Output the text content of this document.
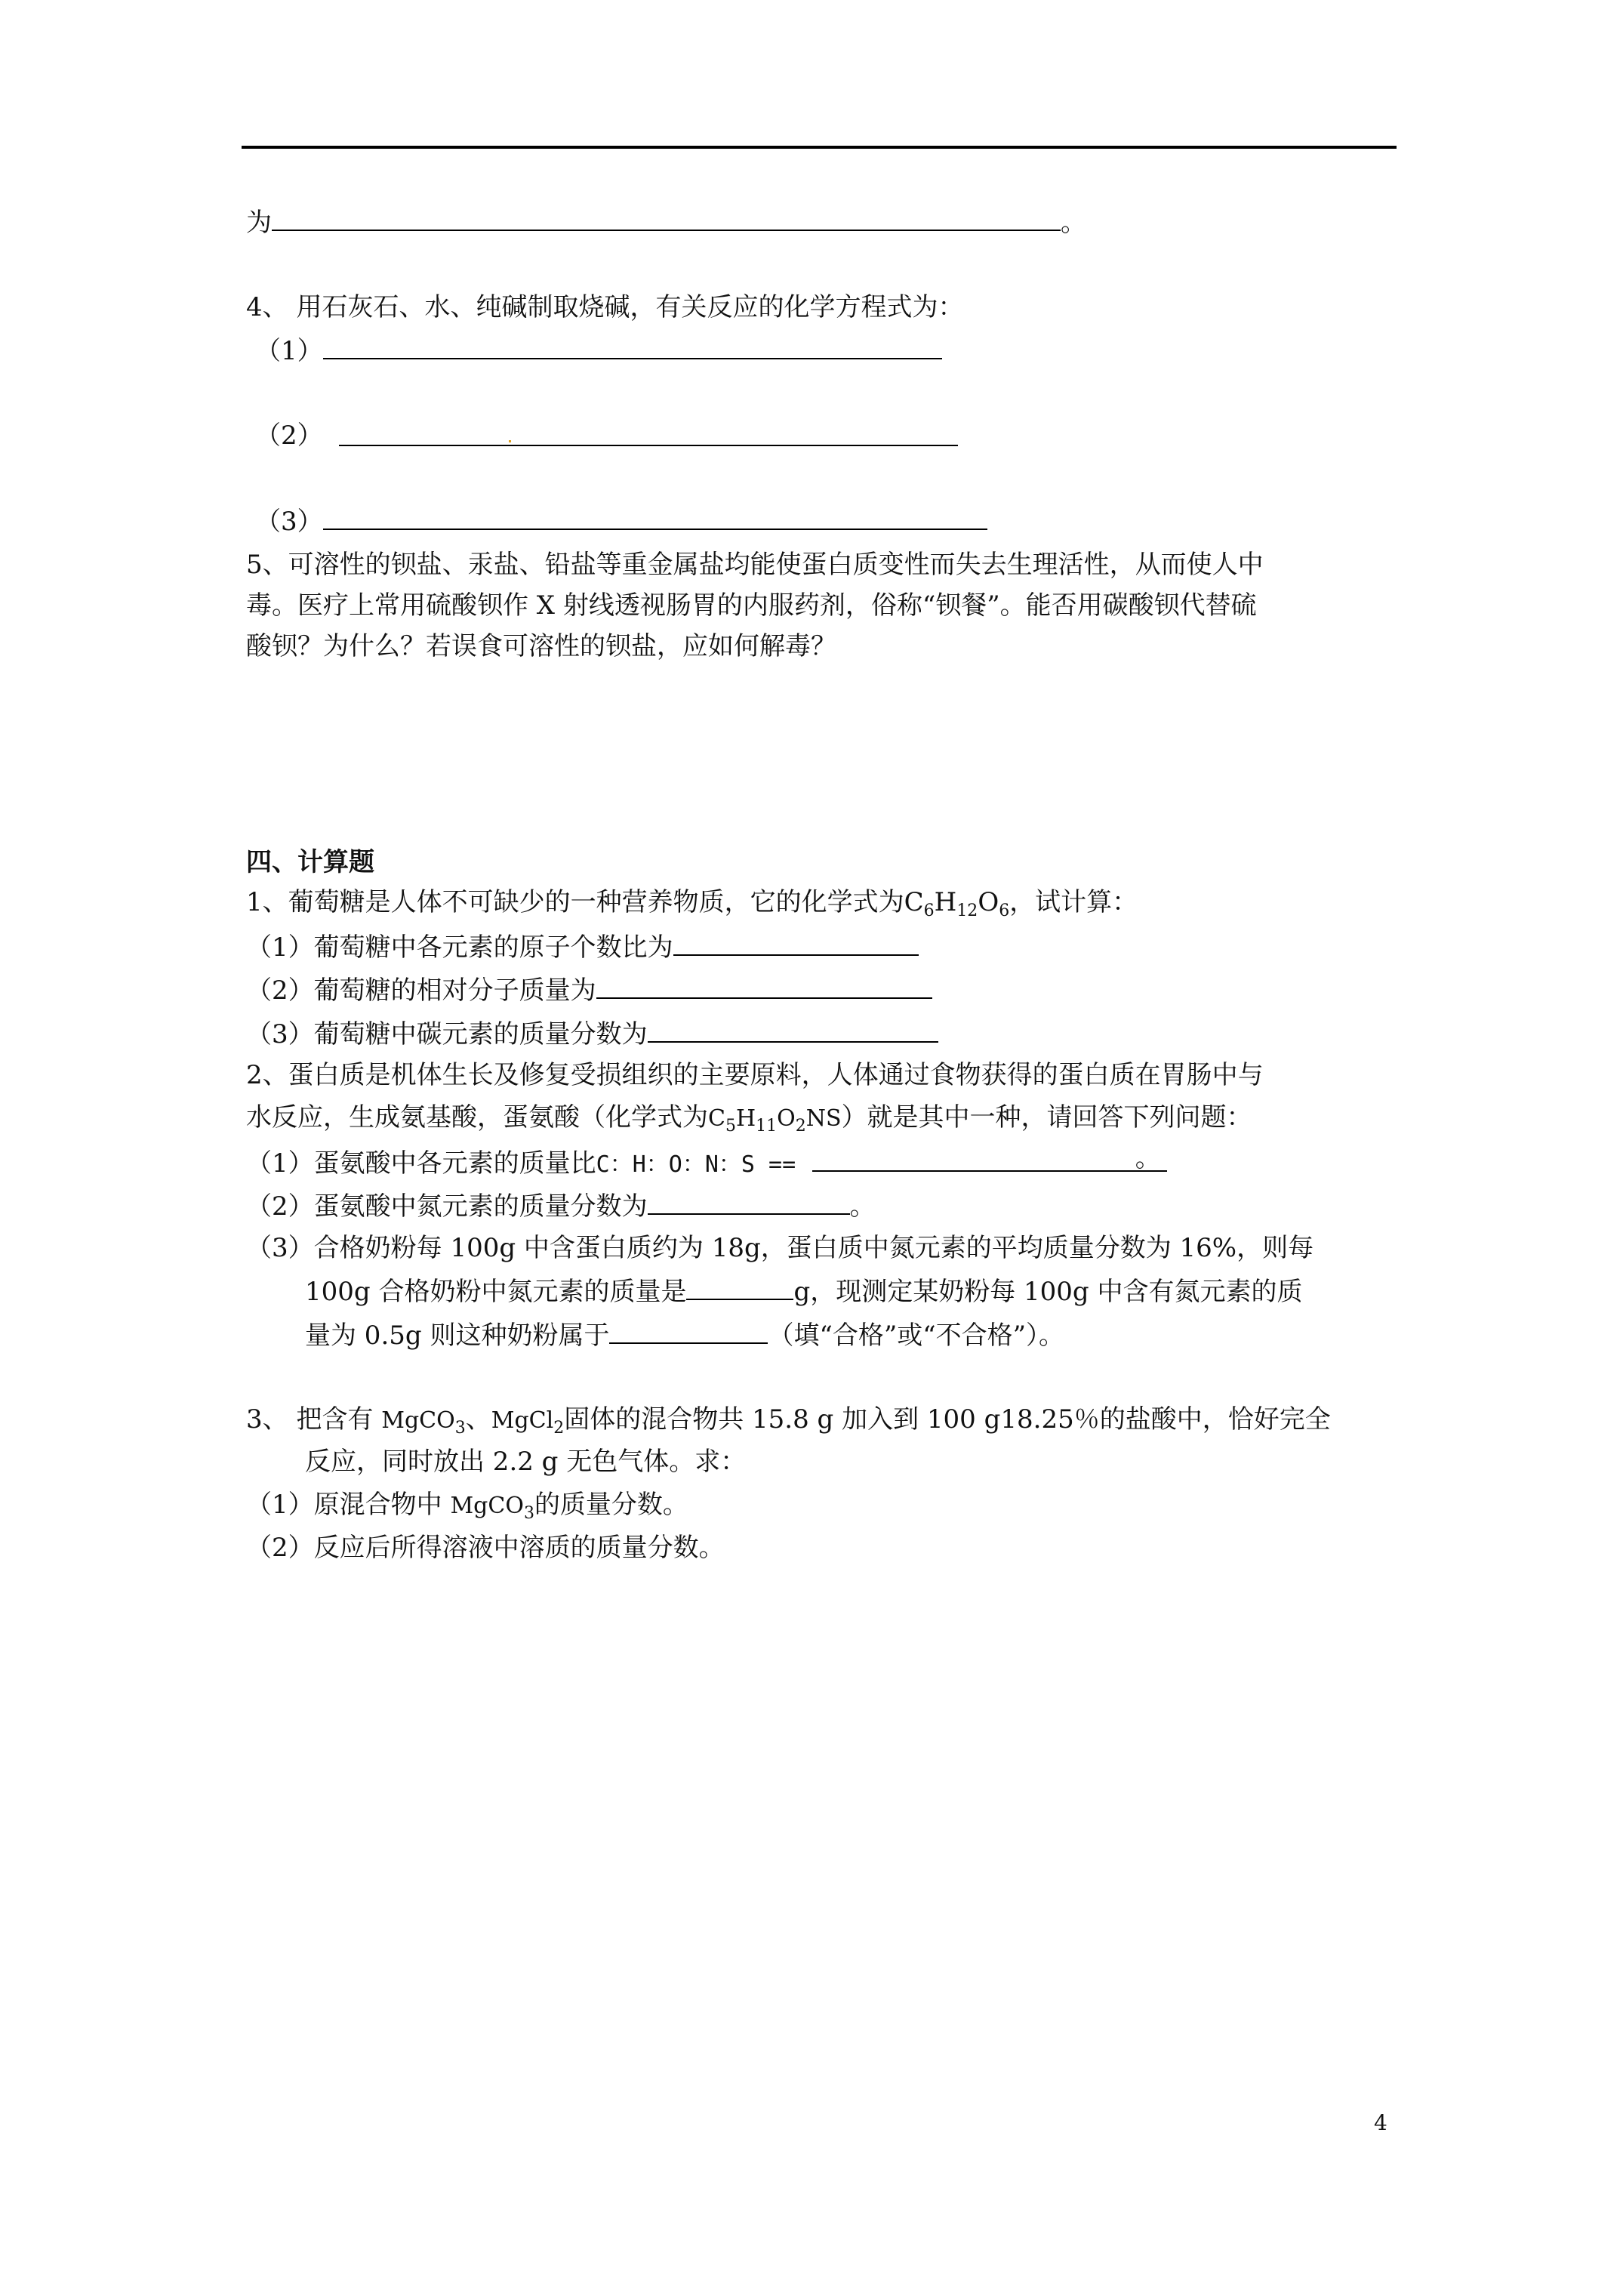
为	。
4、 用石灰石、水、纯碱制取烧碱，有关反应的化学方程式为：
（1）
（2）
（3）
5、可溶性的钡盐、汞盐、铅盐等重金属盐均能使蛋白质变性而失去生理活性，从而使人中
毒。医疗上常用硫酸钡作 X 射线透视肠胃的内服药剂，俗称“钡餐”。能否用碳酸钡代替硫
酸钡？为什么？若误食可溶性的钡盐，应如何解毒？
四、计算题
1、葡萄糖是人体不可缺少的一种营养物质，它的化学式为$C_6H_{12}O_6$，试计算：
（1）葡萄糖中各元素的原子个数比为
（2）葡萄糖的相对分子质量为
（3）葡萄糖中碳元素的质量分数为
2、蛋白质是机体生长及修复受损组织的主要原料，人体通过食物获得的蛋白质在胃肠中与
水反应，生成氨基酸，蛋氨酸（化学式为$C_5H_{11}O_2NS$）就是其中一种，请回答下列问题：
（1）蛋氨酸中各元素的质量比C：H：O：N：S ==	。
（2）蛋氨酸中氮元素的质量分数为	。
（3）合格奶粉每 100g 中含蛋白质约为 18g，蛋白质中氮元素的平均质量分数为 16%，则每
100g 合格奶粉中氮元素的质量是	g，现测定某奶粉每 100g 中含有氮元素的质
量为 0.5g 则这种奶粉属于	（填“合格”或“不合格”）。
3、 把含有 MgCO$_3$、MgCl$_2$固体的混合物共 15.8 g 加入到 100 g18.25％的盐酸中，恰好完全
反应，同时放出 2.2 g 无色气体。求：
（1）原混合物中 MgCO$_3$的质量分数。
（2）反应后所得溶液中溶质的质量分数。
4
